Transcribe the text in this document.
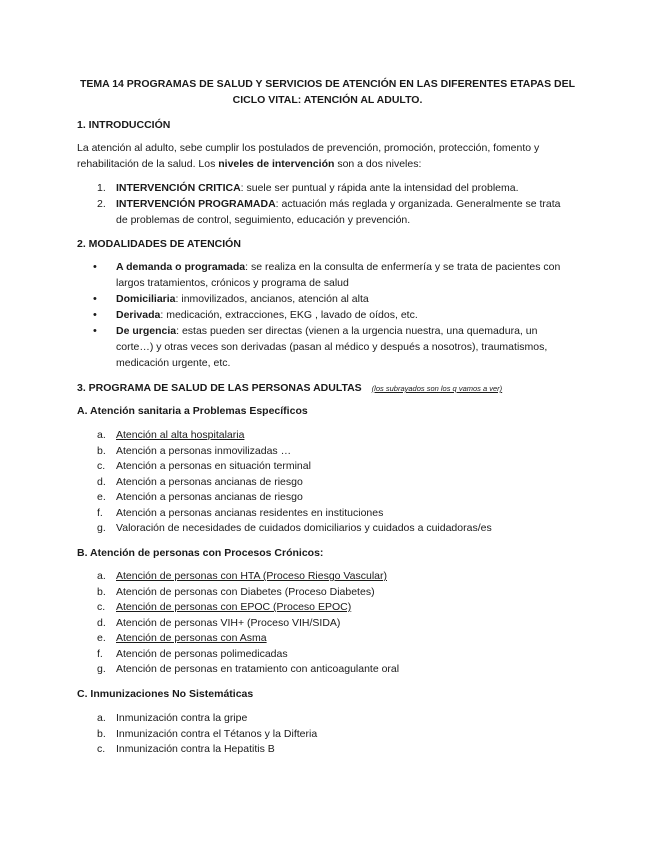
TEMA 14 PROGRAMAS DE SALUD Y SERVICIOS DE ATENCIÓN EN LAS DIFERENTES ETAPAS DEL CICLO VITAL: ATENCIÓN AL ADULTO.
1. INTRODUCCIÓN
La atención al adulto, sebe cumplir los postulados de prevención, promoción, protección, fomento y rehabilitación de la salud. Los niveles de intervención son a dos niveles:
1. INTERVENCIÓN CRITICA: suele ser puntual y rápida ante la intensidad del problema.
2. INTERVENCIÓN PROGRAMADA: actuación más reglada y organizada. Generalmente se trata de problemas de control, seguimiento, educación y prevención.
2. MODALIDADES DE ATENCIÓN
• A demanda o programada: se realiza en la consulta de enfermería y se trata de pacientes con largos tratamientos, crónicos y programa de salud
• Domiciliaria: inmovilizados, ancianos, atención al alta
• Derivada: medicación, extracciones, EKG , lavado de oídos, etc.
• De urgencia: estas pueden ser directas (vienen a la urgencia nuestra, una quemadura, un corte…) y otras veces son derivadas (pasan al médico y después a nosotros), traumatismos, medicación urgente, etc.
3. PROGRAMA DE SALUD DE LAS PERSONAS ADULTAS (los subrayados son los q vamos a ver)
A. Atención sanitaria a Problemas Específicos
a. Atención al alta hospitalaria
b. Atención a personas inmovilizadas …
c. Atención a personas en situación terminal
d. Atención a personas ancianas de riesgo
e. Atención a personas ancianas de riesgo
f. Atención a personas ancianas residentes en instituciones
g. Valoración de necesidades de cuidados domiciliarios y cuidados a cuidadoras/es
B. Atención de personas con Procesos Crónicos:
a. Atención de personas con HTA (Proceso Riesgo Vascular)
b. Atención de personas con Diabetes (Proceso Diabetes)
c. Atención de personas con EPOC (Proceso EPOC)
d. Atención de personas VIH+ (Proceso VIH/SIDA)
e. Atención de personas con Asma
f. Atención de personas polimedicadas
g. Atención de personas en tratamiento con anticoagulante oral
C. Inmunizaciones No Sistemáticas
a. Inmunización contra la gripe
b. Inmunización contra el Tétanos y la Difteria
c. Inmunización contra la Hepatitis B
